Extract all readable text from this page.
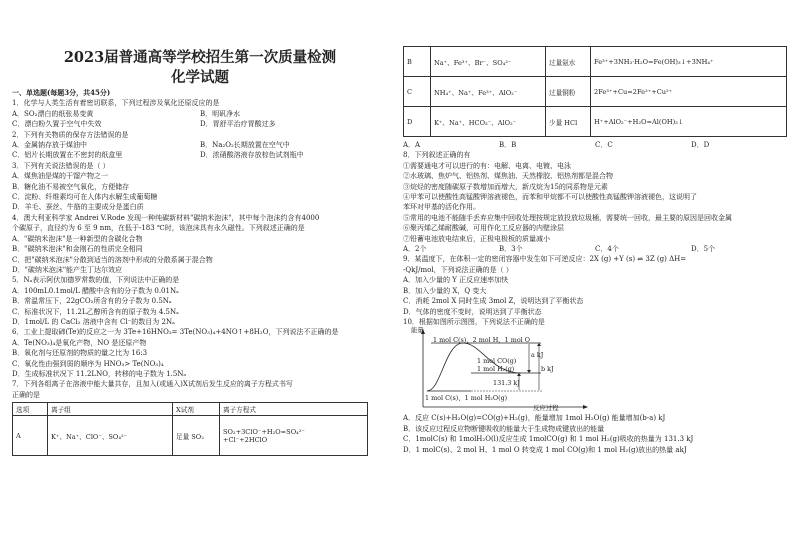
2023届普通高等学校招生第一次质量检测
化学试题
一、单选题(每题3分，共45分)
1．化学与人类生活有着密切联系，下列过程涉及氧化还原反应的是
A．SO₂漂白的纸张易变黄	B．明矾净水
C．漂白粉久置于空气中失效	D．胃舒平治疗胃酸过多
2．下列有关物质的保存方法错误的是
A．金属钠存放于煤油中	B．Na₂O₂长期放置在空气中
C．铝片长期放置在不密封的纸盒里	D．浓硝酸溶液存放棕色试剂瓶中
3．下列有关说法错误的是（ ）
A．煤焦油是煤的干馏产物之一
B．糖化油不易被空气氧化，方便储存
C．淀粉、纤维素均可在人体内水解生成葡萄糖
D．羊毛、蚕丝、牛筋的主要成分是蛋白质
4．澳大利亚科学家 Andrei V.Rode 发现一种纯碳新材料"碳纳米泡沫"，其中每个泡沫约含有4000
个碳原子，直径约为 6 至 9 nm，在低于-183 ℃时，该泡沫具有永久磁性。下列叙述正确的是
A．"碳纳米泡沫"是一种新型的含碳化合物
B．"碳纳米泡沫"和金刚石的性质完全相同
C．把"碳纳米泡沫"分散到适当的溶剂中形成的分散系属于混合物
D．"碳纳米泡沫"能产生丁达尔效应
5．Nₐ表示阿伏加德罗常数的值，下列说法中正确的是
A．100mL0.1mol/L 醋酸中含有的分子数为 0.01Nₐ
B．常温常压下，22gCO₂所含有的分子数为 0.5Nₐ
C．标准状况下，11.2L乙醇所含有的原子数为 4.5Nₐ
D．1mol/L 的 CaCl₂ 溶液中含有 Cl⁻的数目为 2Nₐ
6．工业上提取碲(Te)的反应之一为 3Te+16HNO₃= 3Te(NO₃)₄+4NO↑+8H₂O，下列说法不正确的是
A．Te(NO₃)₄是氧化产物，NO 是还原产物
B．氧化剂与还原剂的物质的量之比为 16:3
C．氧化性由强到弱的顺序为 HNO₃> Te(NO₃)₄
D．生成标准状况下 11.2LNO，转移的电子数为 1.5Nₐ
7．下列各组离子在溶液中能大量共存，且加入(或通入)X试剂后发生反应的离子方程式书写
正确的是
选项	离子组	X试剂	离子方程式
A	K⁺、Na⁺、ClO⁻、SO₄²⁻	足量 SO₂	SO₂+3ClO⁻+H₂O=SO₄²⁻
+Cl⁻+2HClO
B	Na⁺、Fe³⁺、Br⁻、SO₄²⁻	过量氨水	Fe³⁺+3NH₃·H₂O=Fe(OH)₃↓+3NH₄⁺
C	NH₄⁺、Na⁺、Fe³⁺、AlO₂⁻	过量铜粉	2Fe³⁺+Cu=2Fe²⁺+Cu²⁺
D	K⁺、Na⁺、HCO₃⁻、AlO₂⁻	少量 HCl	H⁺+AlO₂⁻+H₂O=Al(OH)₃↓
A．A	B．B	C．C	D．D
8．下列叙述正确的有
①需要通电才可以进行的有：电解、电离、电镀、电泳
②水玻璃、焦炉气、铝热剂、煤焦油、天然橡胶、铝热剂都是混合物
③烷烃的密度随碳原子数增加而增大，新戊烷为15的同系物是元素
④甲苯可以使酸性高锰酸钾溶液褪色，而苯和甲烷都不可以使酸性高锰酸钾溶液褪色，这说明了
苯环对甲基的活化作用。
⑤常用的电池不能随手丢弃应集中回收处理按规定放投放垃圾桶，需要统一回收，最主要的原因是回收金属
⑥聚丙烯乙烯耐酸碱，可用作化工反应器的内壁涂层
⑦铅蓄电池放电结束后，正极电极板的质量减小
A．2个	B．3个	C．4个	D．5个
9．某温度下，在体积一定的密闭容器中发生如下可逆反应：2X (g) +Y (s) ⇌ 3Z (g) ΔH=
-QkJ/mol，下列说法正确的是（ ）
A．加入少量的 Y 正反应速率加快
B．加入少量的 X，Q 变大
C．消耗 2mol X 同时生成 3mol Z，说明达到了平衡状态
D．气体的密度不变时，说明达到了平衡状态
10．根据如图所示图图，下列说法不正确的是
能量
1 mol C(s)、2 mol H、1 mol O
1 mol CO(g)
1 mol H₂(g)
1 mol C(s)、1 mol H₂O(g)
a kJ
b kJ
131.3 kJ
反应过程
A．反应 C(s)+H₂O(g)=CO(g)+H₂(g)，能量增加 1mol H₂O(g) 能量增加(b-a) kJ
B．该反应过程反应物断键吸收的能量大于生成物成键放出的能量
C．1molC(s) 和 1molH₂O(l)反应生成 1molCO(g) 和 1 mol H₂(g)吸收的热量为 131.3 kJ
D．1 molC(s)、2 mol H、1 mol O 转变成 1 mol CO(g)和 1 mol H₂(g)放出的热量 akJ
